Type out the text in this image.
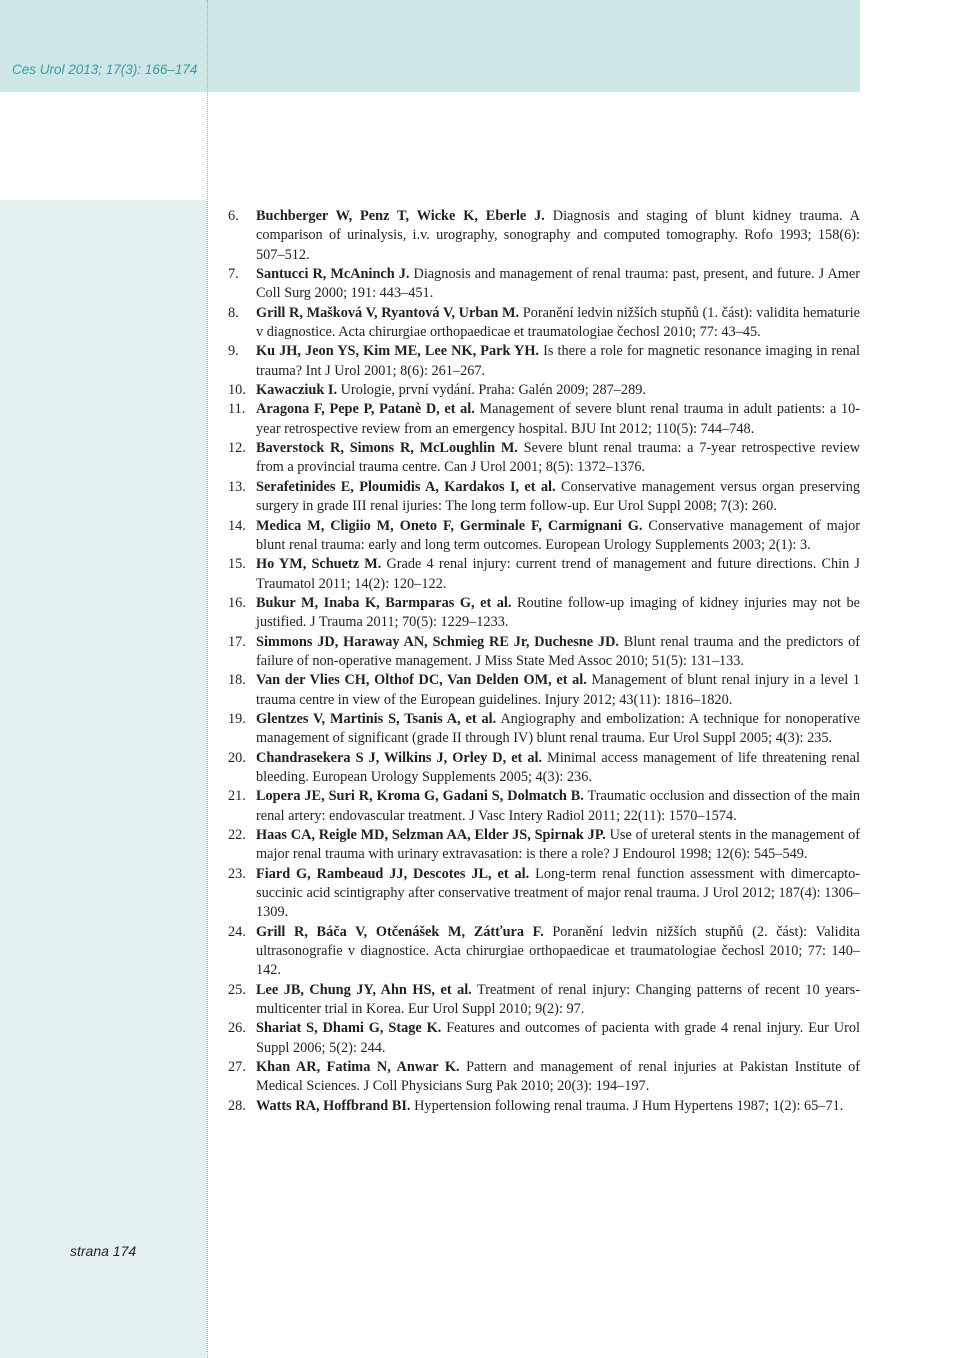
Ces Urol 2013; 17(3): 166–174
strana 174
6.	Buchberger W, Penz T, Wicke K, Eberle J. Diagnosis and staging of blunt kidney trauma. A comparison of urinalysis, i.v. urography, sonography and computed tomography. Rofo 1993; 158(6): 507–512.
7.	Santucci R, McAninch J. Diagnosis and management of renal trauma: past, present, and future. J Amer Coll Surg 2000; 191: 443–451.
8.	Grill R, Mašková V, Ryantová V, Urban M. Poranění ledvin nižších stupňů (1. část): validita hematurie v diagnostice. Acta chirurgiae orthopaedicae et traumatologiae čechosl 2010; 77: 43–45.
9.	Ku JH, Jeon YS, Kim ME, Lee NK, Park YH. Is there a role for magnetic resonance imaging in renal trauma? Int J Urol 2001; 8(6): 261–267.
10. Kawacziuk I. Urologie, první vydání. Praha: Galén 2009; 287–289.
11. Aragona F, Pepe P, Patanè D, et al. Management of severe blunt renal trauma in adult patients: a 10-year retrospective review from an emergency hospital. BJU Int 2012; 110(5): 744–748.
12. Baverstock R, Simons R, McLoughlin M. Severe blunt renal trauma: a 7-year retrospective review from a provincial trauma centre. Can J Urol 2001; 8(5): 1372–1376.
13. Serafetinides E, Ploumidis A, Kardakos I, et al. Conservative management versus organ preserving surgery in grade III renal ijuries: The long term follow-up. Eur Urol Suppl 2008; 7(3): 260.
14. Medica M, Cligiio M, Oneto F, Germinale F, Carmignani G. Conservative management of major blunt renal trauma: early and long term outcomes. European Urology Supplements 2003; 2(1): 3.
15. Ho YM, Schuetz M. Grade 4 renal injury: current trend of management and future directions. Chin J Traumatol 2011; 14(2): 120–122.
16. Bukur M, Inaba K, Barmparas G, et al. Routine follow-up imaging of kidney injuries may not be justified. J Trauma 2011; 70(5): 1229–1233.
17. Simmons JD, Haraway AN, Schmieg RE Jr, Duchesne JD. Blunt renal trauma and the predictors of failure of non-operative management. J Miss State Med Assoc 2010; 51(5): 131–133.
18. Van der Vlies CH, Olthof DC, Van Delden OM, et al. Management of blunt renal injury in a level 1 trauma centre in view of the European guidelines. Injury 2012; 43(11): 1816–1820.
19. Glentzes V, Martinis S, Tsanis A, et al. Angiography and embolization: A technique for nonoperative management of significant (grade II through IV) blunt renal trauma. Eur Urol Suppl 2005; 4(3): 235.
20. Chandrasekera S J, Wilkins J, Orley D, et al. Minimal access management of life threatening renal bleeding. European Urology Supplements 2005; 4(3): 236.
21. Lopera JE, Suri R, Kroma G, Gadani S, Dolmatch B. Traumatic occlusion and dissection of the main renal artery: endovascular treatment. J Vasc Intery Radiol 2011; 22(11): 1570–1574.
22. Haas CA, Reigle MD, Selzman AA, Elder JS, Spirnak JP. Use of ureteral stents in the management of major renal trauma with urinary extravasation: is there a role? J Endourol 1998; 12(6): 545–549.
23. Fiard G, Rambeaud JJ, Descotes JL, et al. Long-term renal function assessment with dimercapto-succinic acid scintigraphy after conservative treatment of major renal trauma. J Urol 2012; 187(4): 1306–1309.
24. Grill R, Báča V, Otčenášek M, Zátťura F. Poranění ledvin nižších stupňů (2. část): Validita ultrasonografie v diagnostice. Acta chirurgiae orthopaedicae et traumatologiae čechosl 2010; 77: 140–142.
25. Lee JB, Chung JY, Ahn HS, et al. Treatment of renal injury: Changing patterns of recent 10 years-multicenter trial in Korea. Eur Urol Suppl 2010; 9(2): 97.
26. Shariat S, Dhami G, Stage K. Features and outcomes of pacienta with grade 4 renal injury. Eur Urol Suppl 2006; 5(2): 244.
27. Khan AR, Fatima N, Anwar K. Pattern and management of renal injuries at Pakistan Institute of Medical Sciences. J Coll Physicians Surg Pak 2010; 20(3): 194–197.
28. Watts RA, Hoffbrand BI. Hypertension following renal trauma. J Hum Hypertens 1987; 1(2): 65–71.
